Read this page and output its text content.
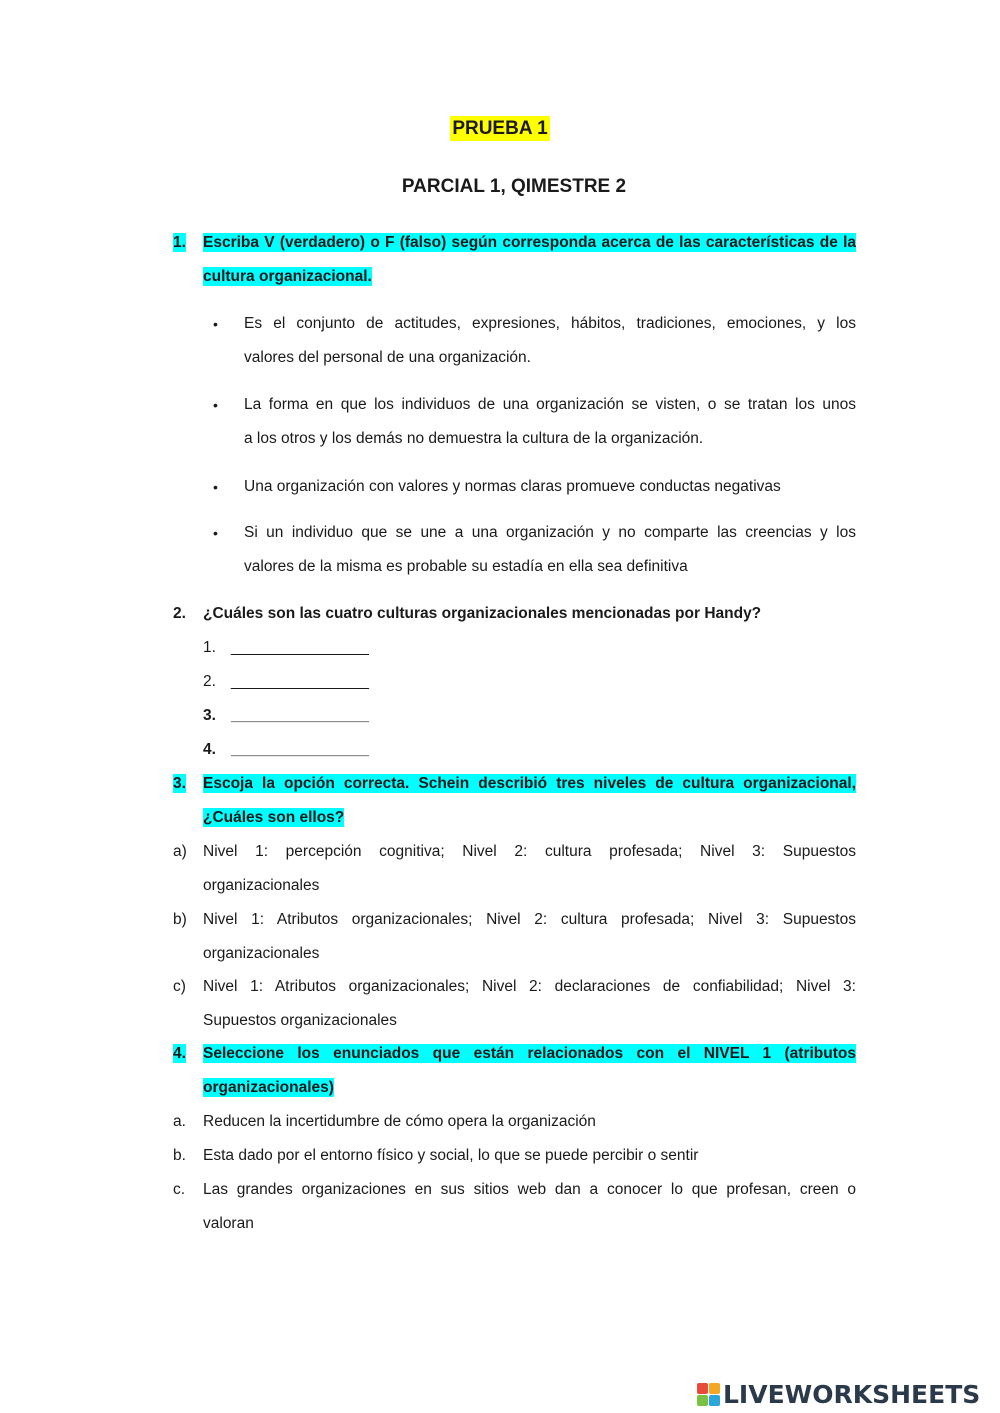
PRUEBA 1
PARCIAL 1, QIMESTRE 2
1. Escriba V (verdadero) o F (falso) según corresponda acerca de las características de la
cultura organizacional.
• Es el conjunto de actitudes, expresiones, hábitos, tradiciones, emociones, y los
valores del personal de una organización.
• La forma en que los individuos de una organización se visten, o se tratan los unos
a los otros y los demás no demuestra la cultura de la organización.
• Una organización con valores y normas claras promueve conductas negativas
• Si un individuo que se une a una organización y no comparte las creencias y los
valores de la misma es probable su estadía en ella sea definitiva
2. ¿Cuáles son las cuatro culturas organizacionales mencionadas por Handy?
1. ________________
2. ________________
3. ________________
4. ________________
3. Escoja la opción correcta. Schein describió tres niveles de cultura organizacional,
¿Cuáles son ellos?
a) Nivel 1: percepción cognitiva; Nivel 2: cultura profesada; Nivel 3: Supuestos
organizacionales
b) Nivel 1: Atributos organizacionales; Nivel 2: cultura profesada; Nivel 3: Supuestos
organizacionales
c) Nivel 1: Atributos organizacionales; Nivel 2: declaraciones de confiabilidad; Nivel 3:
Supuestos organizacionales
4. Seleccione los enunciados que están relacionados con el NIVEL 1 (atributos
organizacionales)
a. Reducen la incertidumbre de cómo opera la organización
b. Esta dado por el entorno físico y social, lo que se puede percibir o sentir
c. Las grandes organizaciones en sus sitios web dan a conocer lo que profesan, creen o
valoran
LIVEWORKSHEETS
